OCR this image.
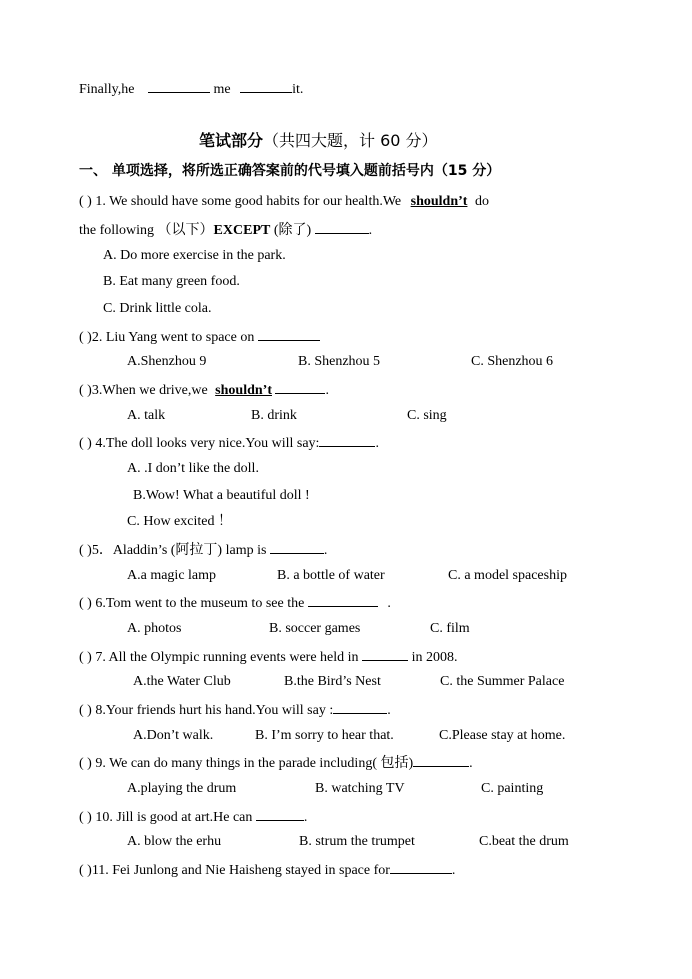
Finally,he	me	it.
笔试部分（共四大题，计 60 分）
一、 单项选择，将所选正确答案前的代号填入题前括号内（15 分）
( ) 1. We should have some good habits for our health.We shouldn’t do
the following （以下）EXCEPT (除了)	.
A. Do more exercise in the park.
B. Eat many green food.
C. Drink little cola.
( )2. Liu Yang went to space on
A.Shenzhou 9	B. Shenzhou 5	C. Shenzhou 6
( )3.When we drive,we shouldn’t	.
A. talk	B. drink	C. sing
( ) 4.The doll looks very nice.You will say:	.
A. .I don’t like the doll.
B.Wow! What a beautiful doll !
C. How excited ！
( )5．Aladdin’s (阿拉丁) lamp is	.
A.a magic lamp	B. a bottle of water	C. a model spaceship
( ) 6.Tom went to the museum to see the	.
A. photos	B. soccer games	C. film
( ) 7. All the Olympic running events were held in	in 2008.
A.the Water Club	B.the Bird’s Nest	C. the Summer Palace
( ) 8.Your friends hurt his hand.You will say :	.
A.Don’t walk.	B. I’m sorry to hear that.	C.Please stay at home.
( ) 9. We can do many things in the parade including( 包括)	.
A.playing the drum	B. watching TV	C. painting
( ) 10. Jill is good at art.He can	.
A. blow the erhu	B. strum the trumpet	C.beat the drum
( )11. Fei Junlong and Nie Haisheng stayed in space for	.
